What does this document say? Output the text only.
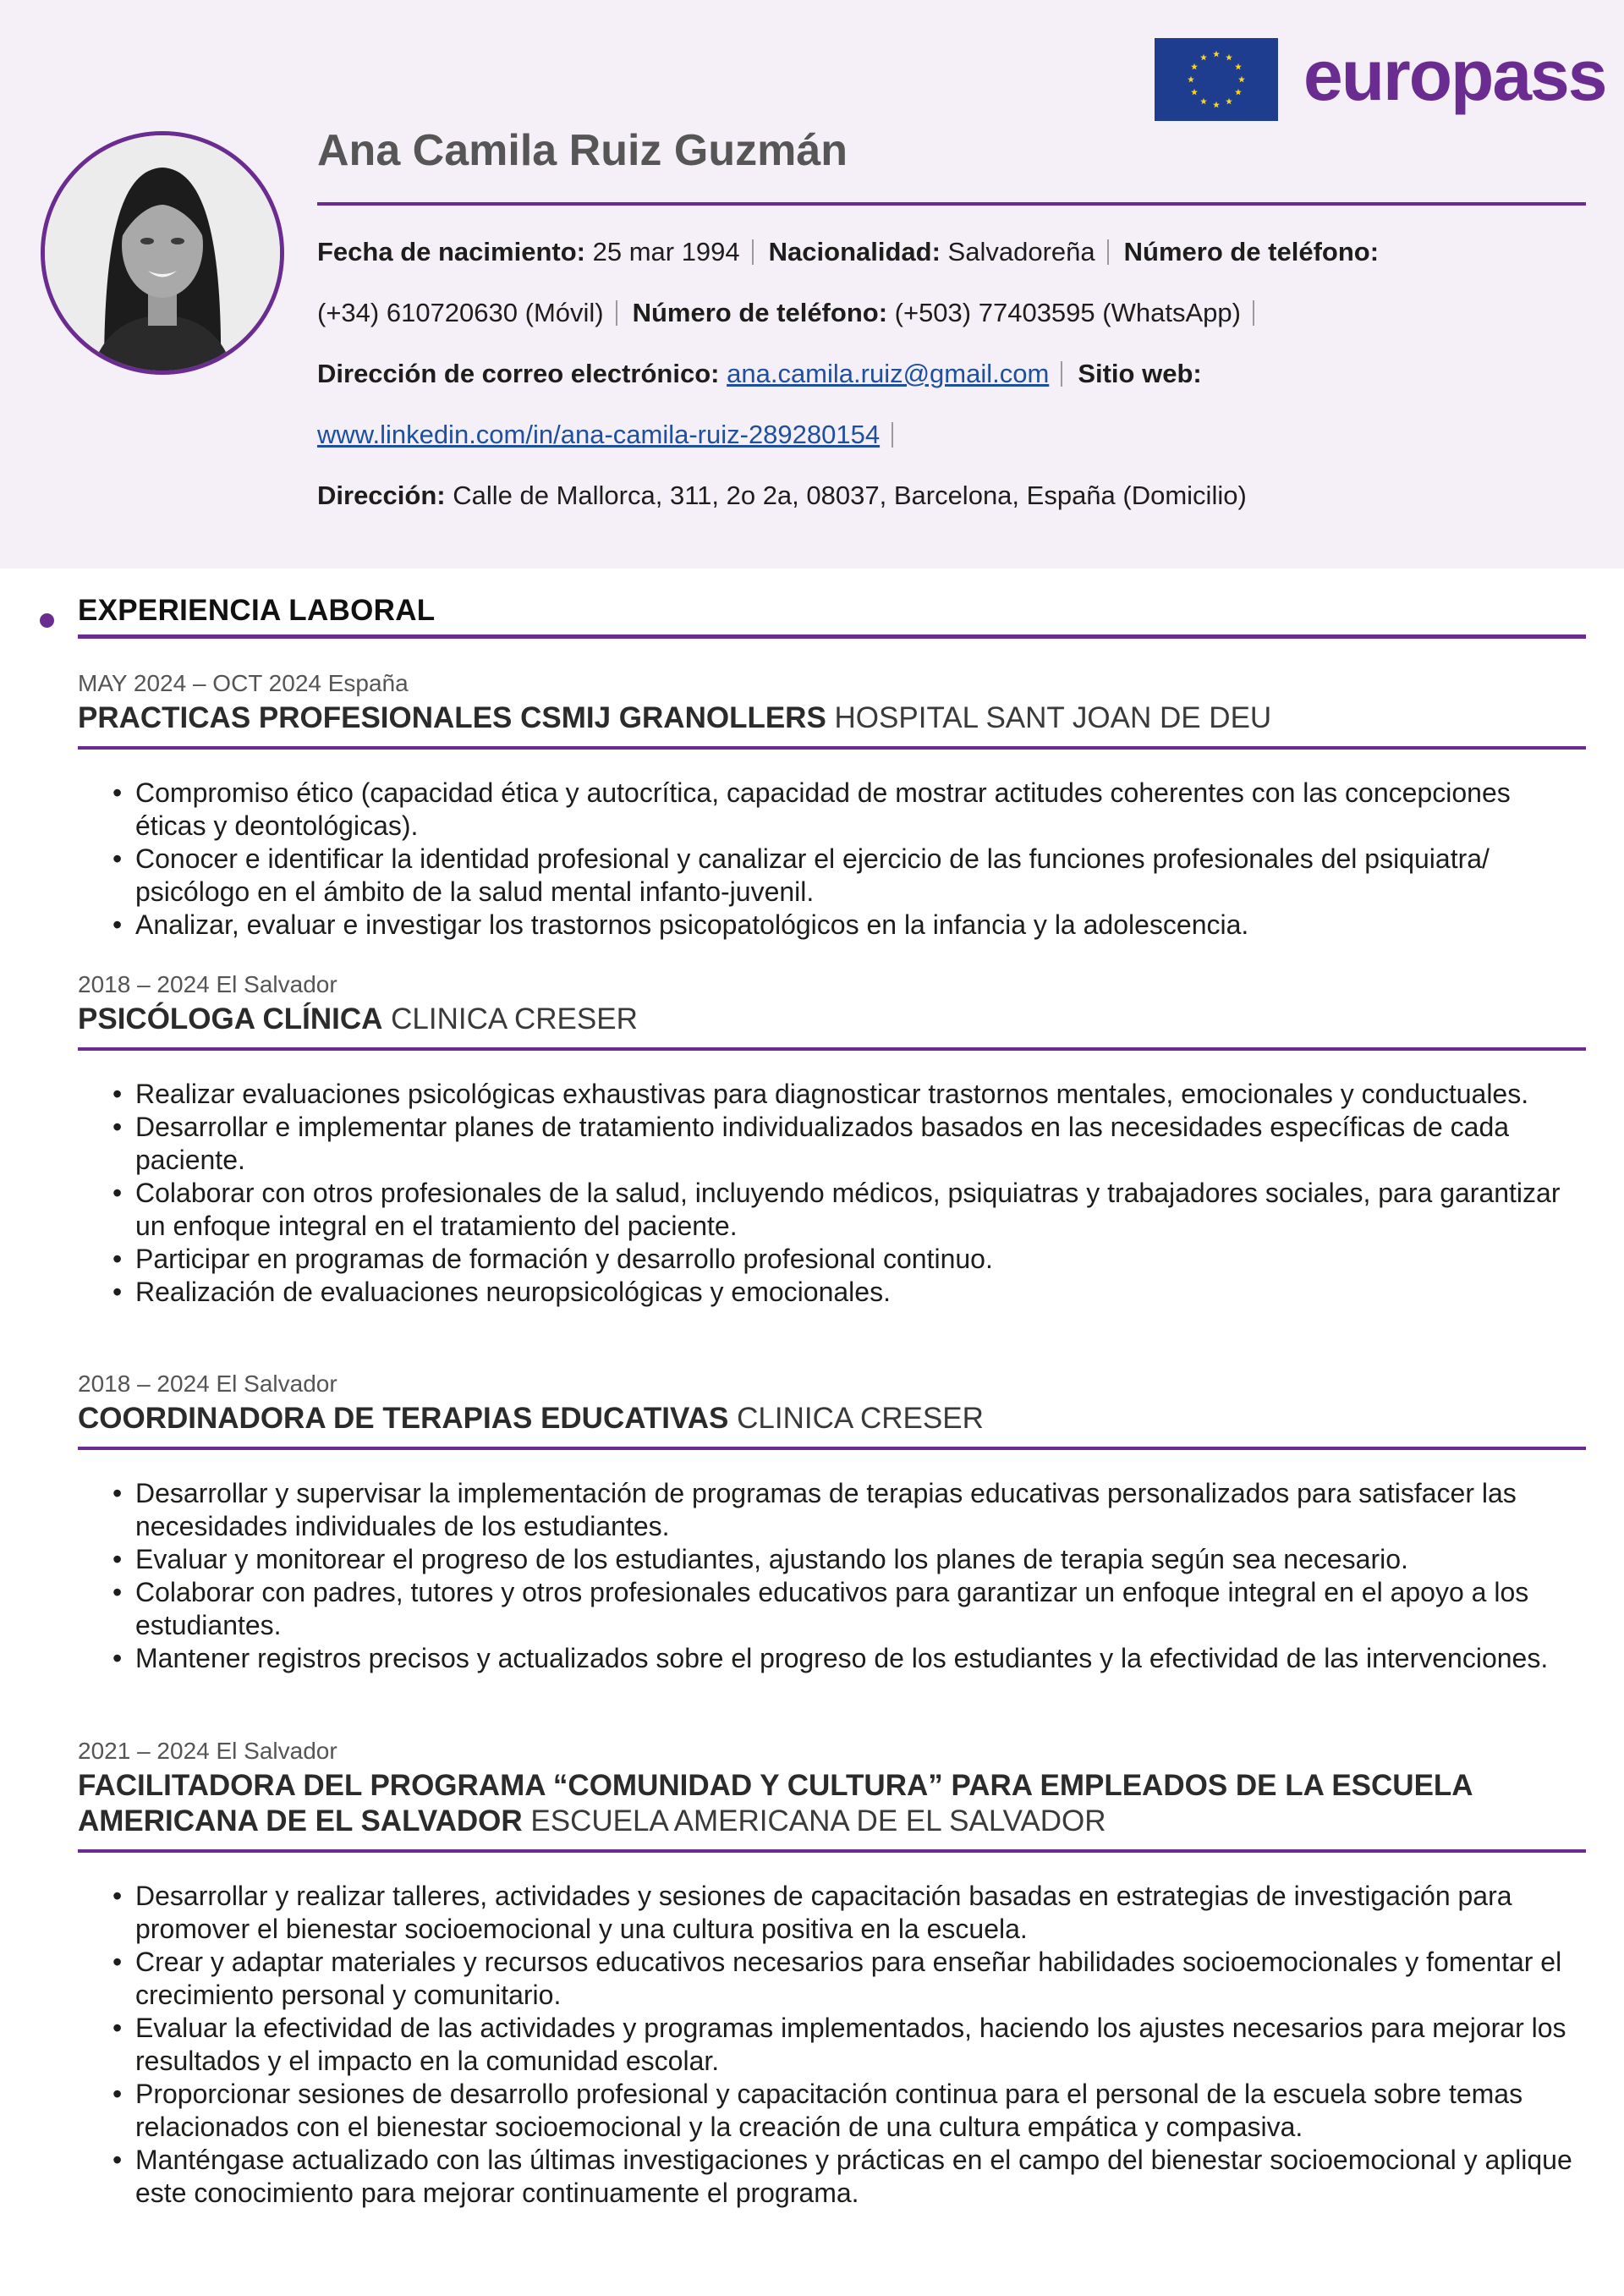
europass
Ana Camila Ruiz Guzmán
Fecha de nacimiento: 25 mar 1994 Nacionalidad: Salvadoreña Número de teléfono:
(+34) 610720630 (Móvil) Número de teléfono: (+503) 77403595 (WhatsApp)
Dirección de correo electrónico: ana.camila.ruiz@gmail.com Sitio web:
www.linkedin.com/in/ana-camila-ruiz-289280154
Dirección: Calle de Mallorca, 311, 2o 2a, 08037, Barcelona, España (Domicilio)
EXPERIENCIA LABORAL
MAY 2024 – OCT 2024 España
PRACTICAS PROFESIONALES CSMIJ GRANOLLERS HOSPITAL SANT JOAN DE DEU
• Compromiso ético (capacidad ética y autocrítica, capacidad de mostrar actitudes coherentes con las concepciones éticas y deontológicas).
• Conocer e identificar la identidad profesional y canalizar el ejercicio de las funciones profesionales del psiquiatra/ psicólogo en el ámbito de la salud mental infanto-juvenil.
• Analizar, evaluar e investigar los trastornos psicopatológicos en la infancia y la adolescencia.
2018 – 2024 El Salvador
PSICÓLOGA CLÍNICA CLINICA CRESER
• Realizar evaluaciones psicológicas exhaustivas para diagnosticar trastornos mentales, emocionales y conductuales.
• Desarrollar e implementar planes de tratamiento individualizados basados en las necesidades específicas de cada paciente.
• Colaborar con otros profesionales de la salud, incluyendo médicos, psiquiatras y trabajadores sociales, para garantizar un enfoque integral en el tratamiento del paciente.
• Participar en programas de formación y desarrollo profesional continuo.
• Realización de evaluaciones neuropsicológicas y emocionales.
2018 – 2024 El Salvador
COORDINADORA DE TERAPIAS EDUCATIVAS CLINICA CRESER
• Desarrollar y supervisar la implementación de programas de terapias educativas personalizados para satisfacer las necesidades individuales de los estudiantes.
• Evaluar y monitorear el progreso de los estudiantes, ajustando los planes de terapia según sea necesario.
• Colaborar con padres, tutores y otros profesionales educativos para garantizar un enfoque integral en el apoyo a los estudiantes.
• Mantener registros precisos y actualizados sobre el progreso de los estudiantes y la efectividad de las intervenciones.
2021 – 2024 El Salvador
FACILITADORA DEL PROGRAMA “COMUNIDAD Y CULTURA” PARA EMPLEADOS DE LA ESCUELA AMERICANA DE EL SALVADOR ESCUELA AMERICANA DE EL SALVADOR
• Desarrollar y realizar talleres, actividades y sesiones de capacitación basadas en estrategias de investigación para promover el bienestar socioemocional y una cultura positiva en la escuela.
• Crear y adaptar materiales y recursos educativos necesarios para enseñar habilidades socioemocionales y fomentar el crecimiento personal y comunitario.
• Evaluar la efectividad de las actividades y programas implementados, haciendo los ajustes necesarios para mejorar los resultados y el impacto en la comunidad escolar.
• Proporcionar sesiones de desarrollo profesional y capacitación continua para el personal de la escuela sobre temas relacionados con el bienestar socioemocional y la creación de una cultura empática y compasiva.
• Manténgase actualizado con las últimas investigaciones y prácticas en el campo del bienestar socioemocional y aplique este conocimiento para mejorar continuamente el programa.
